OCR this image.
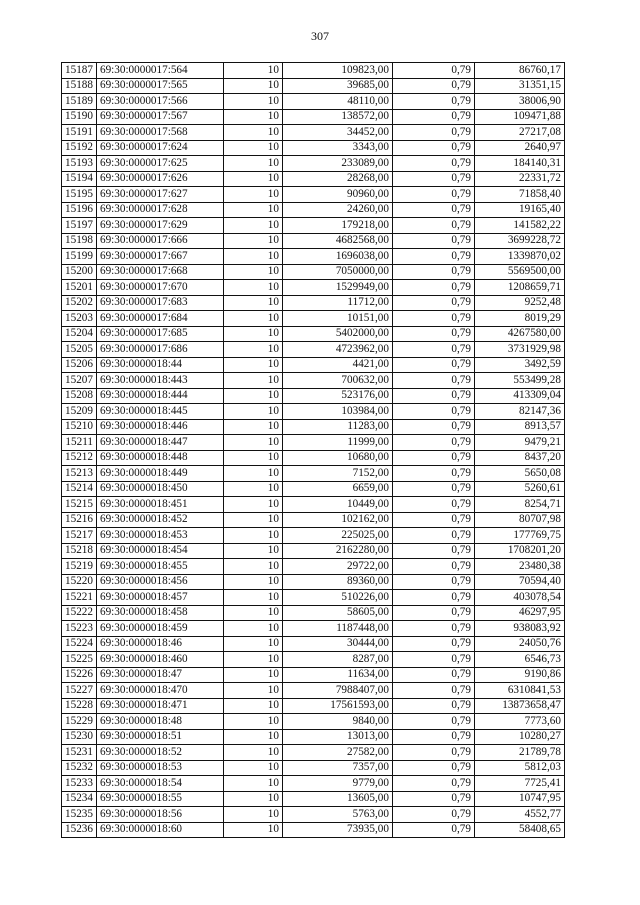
307
15187	69:30:0000017:564	10	109823,00	0,79	86760,17
15188	69:30:0000017:565	10	39685,00	0,79	31351,15
15189	69:30:0000017:566	10	48110,00	0,79	38006,90
15190	69:30:0000017:567	10	138572,00	0,79	109471,88
15191	69:30:0000017:568	10	34452,00	0,79	27217,08
15192	69:30:0000017:624	10	3343,00	0,79	2640,97
15193	69:30:0000017:625	10	233089,00	0,79	184140,31
15194	69:30:0000017:626	10	28268,00	0,79	22331,72
15195	69:30:0000017:627	10	90960,00	0,79	71858,40
15196	69:30:0000017:628	10	24260,00	0,79	19165,40
15197	69:30:0000017:629	10	179218,00	0,79	141582,22
15198	69:30:0000017:666	10	4682568,00	0,79	3699228,72
15199	69:30:0000017:667	10	1696038,00	0,79	1339870,02
15200	69:30:0000017:668	10	7050000,00	0,79	5569500,00
15201	69:30:0000017:670	10	1529949,00	0,79	1208659,71
15202	69:30:0000017:683	10	11712,00	0,79	9252,48
15203	69:30:0000017:684	10	10151,00	0,79	8019,29
15204	69:30:0000017:685	10	5402000,00	0,79	4267580,00
15205	69:30:0000017:686	10	4723962,00	0,79	3731929,98
15206	69:30:0000018:44	10	4421,00	0,79	3492,59
15207	69:30:0000018:443	10	700632,00	0,79	553499,28
15208	69:30:0000018:444	10	523176,00	0,79	413309,04
15209	69:30:0000018:445	10	103984,00	0,79	82147,36
15210	69:30:0000018:446	10	11283,00	0,79	8913,57
15211	69:30:0000018:447	10	11999,00	0,79	9479,21
15212	69:30:0000018:448	10	10680,00	0,79	8437,20
15213	69:30:0000018:449	10	7152,00	0,79	5650,08
15214	69:30:0000018:450	10	6659,00	0,79	5260,61
15215	69:30:0000018:451	10	10449,00	0,79	8254,71
15216	69:30:0000018:452	10	102162,00	0,79	80707,98
15217	69:30:0000018:453	10	225025,00	0,79	177769,75
15218	69:30:0000018:454	10	2162280,00	0,79	1708201,20
15219	69:30:0000018:455	10	29722,00	0,79	23480,38
15220	69:30:0000018:456	10	89360,00	0,79	70594,40
15221	69:30:0000018:457	10	510226,00	0,79	403078,54
15222	69:30:0000018:458	10	58605,00	0,79	46297,95
15223	69:30:0000018:459	10	1187448,00	0,79	938083,92
15224	69:30:0000018:46	10	30444,00	0,79	24050,76
15225	69:30:0000018:460	10	8287,00	0,79	6546,73
15226	69:30:0000018:47	10	11634,00	0,79	9190,86
15227	69:30:0000018:470	10	7988407,00	0,79	6310841,53
15228	69:30:0000018:471	10	17561593,00	0,79	13873658,47
15229	69:30:0000018:48	10	9840,00	0,79	7773,60
15230	69:30:0000018:51	10	13013,00	0,79	10280,27
15231	69:30:0000018:52	10	27582,00	0,79	21789,78
15232	69:30:0000018:53	10	7357,00	0,79	5812,03
15233	69:30:0000018:54	10	9779,00	0,79	7725,41
15234	69:30:0000018:55	10	13605,00	0,79	10747,95
15235	69:30:0000018:56	10	5763,00	0,79	4552,77
15236	69:30:0000018:60	10	73935,00	0,79	58408,65
